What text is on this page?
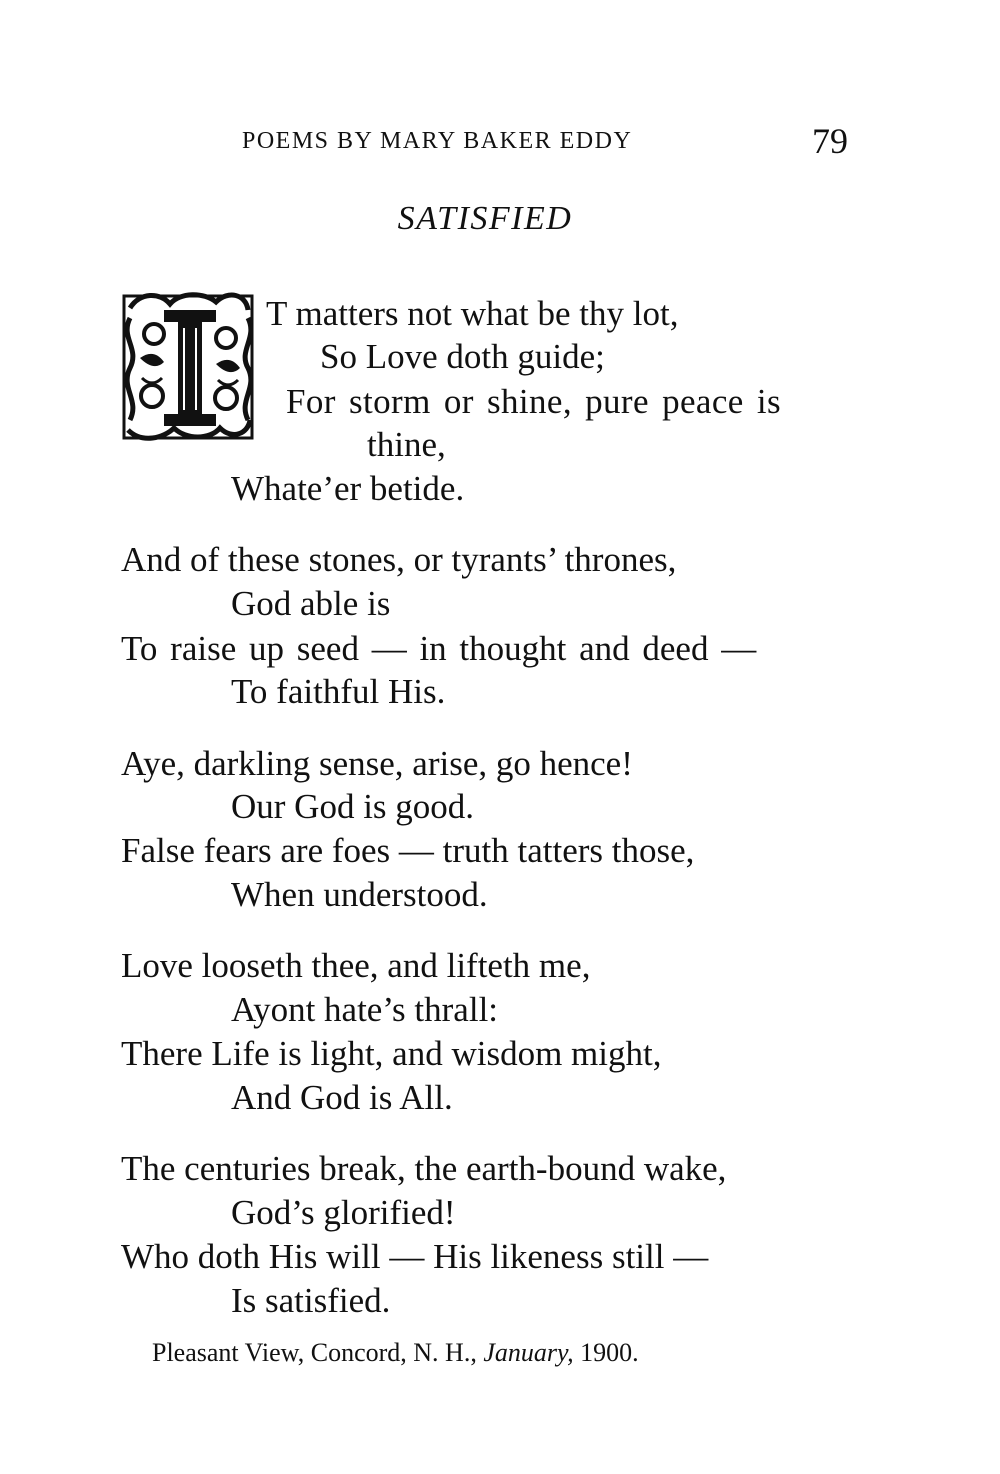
POEMS BY MARY BAKER EDDY	79
SATISFIED
T matters not what be thy lot,
So Love doth guide;
For storm or shine, pure peace is
thine,
Whate’er betide.
And of these stones, or tyrants’ thrones,
God able is
To raise up seed — in thought and deed —
To faithful His.
Aye, darkling sense, arise, go hence!
Our God is good.
False fears are foes — truth tatters those,
When understood.
Love looseth thee, and lifteth me,
Ayont hate’s thrall:
There Life is light, and wisdom might,
And God is All.
The centuries break, the earth-bound wake,
God’s glorified!
Who doth His will — His likeness still —
Is satisfied.
Pleasant View, Concord, N. H., January, 1900.
